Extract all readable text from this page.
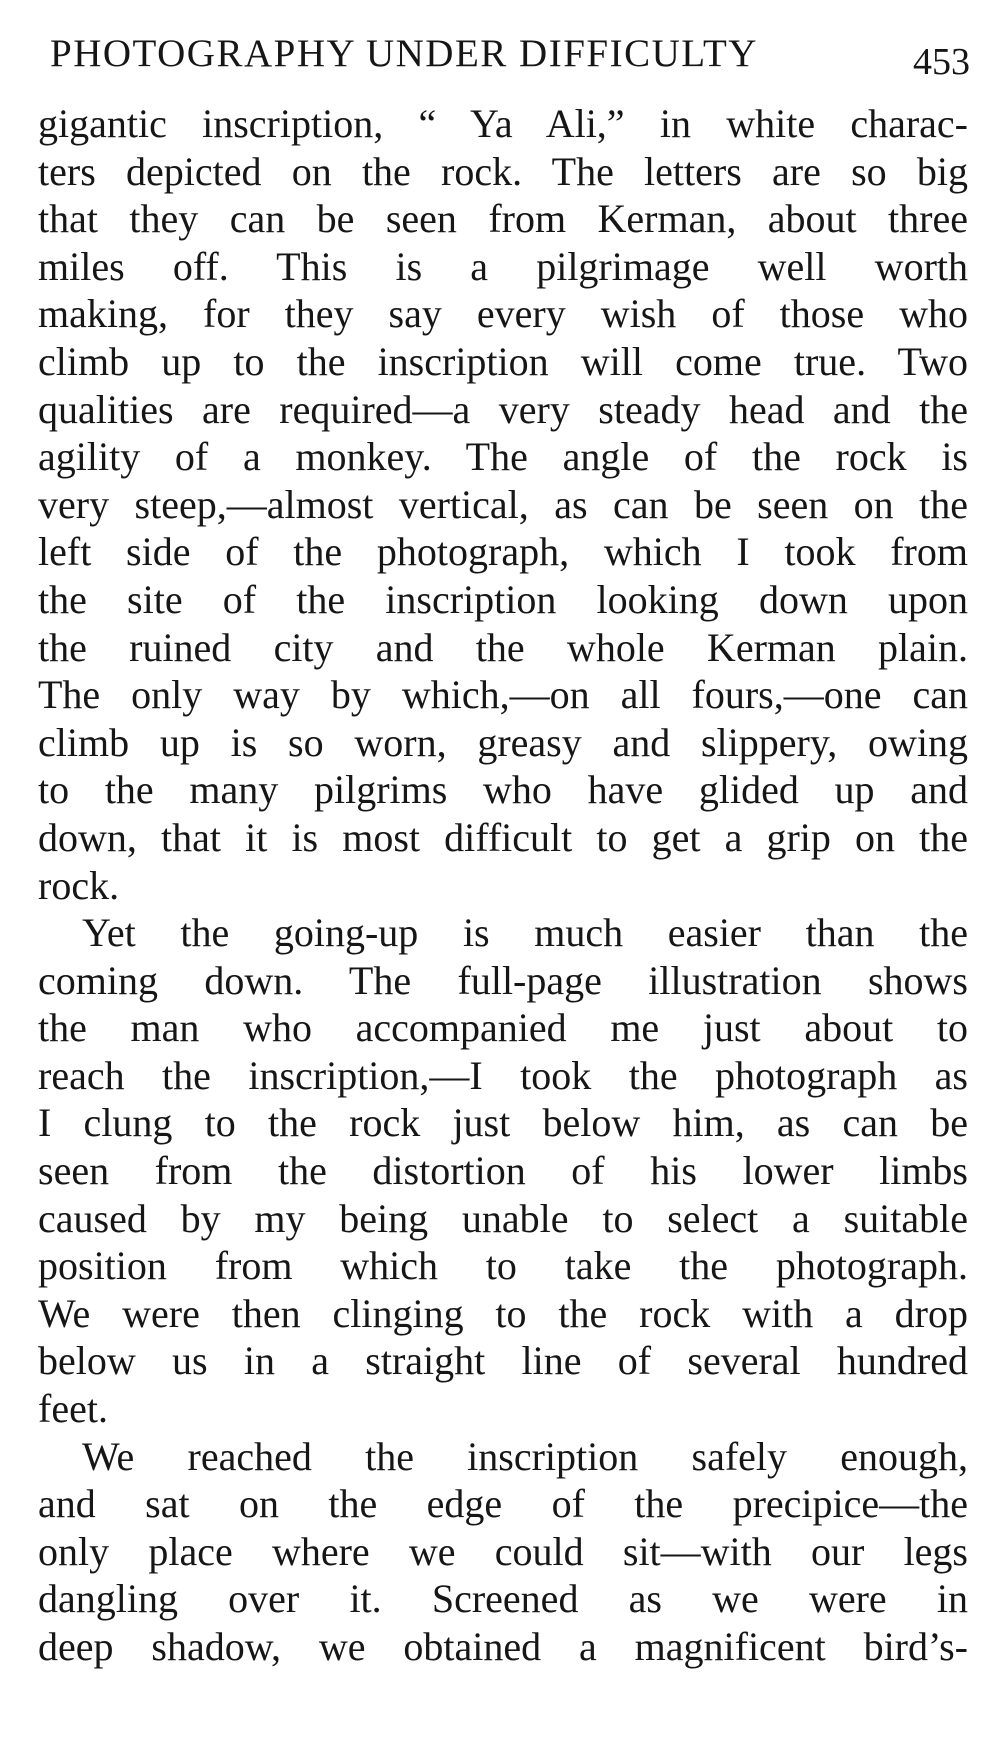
PHOTOGRAPHY UNDER DIFFICULTY	453
gigantic inscription, “ Ya Ali,” in white charac-
ters depicted on the rock. The letters are so big
that they can be seen from Kerman, about three
miles off. This is a pilgrimage well worth
making, for they say every wish of those who
climb up to the inscription will come true. Two
qualities are required—a very steady head and the
agility of a monkey. The angle of the rock is
very steep,—almost vertical, as can be seen on the
left side of the photograph, which I took from
the site of the inscription looking down upon
the ruined city and the whole Kerman plain.
The only way by which,—on all fours,—one can
climb up is so worn, greasy and slippery, owing
to the many pilgrims who have glided up and
down, that it is most difficult to get a grip on the
rock.
Yet the going-up is much easier than the
coming down. The full-page illustration shows
the man who accompanied me just about to
reach the inscription,—I took the photograph as
I clung to the rock just below him, as can be
seen from the distortion of his lower limbs
caused by my being unable to select a suitable
position from which to take the photograph.
We were then clinging to the rock with a drop
below us in a straight line of several hundred
feet.
We reached the inscription safely enough,
and sat on the edge of the precipice—the
only place where we could sit—with our legs
dangling over it. Screened as we were in
deep shadow, we obtained a magnificent bird’s-
